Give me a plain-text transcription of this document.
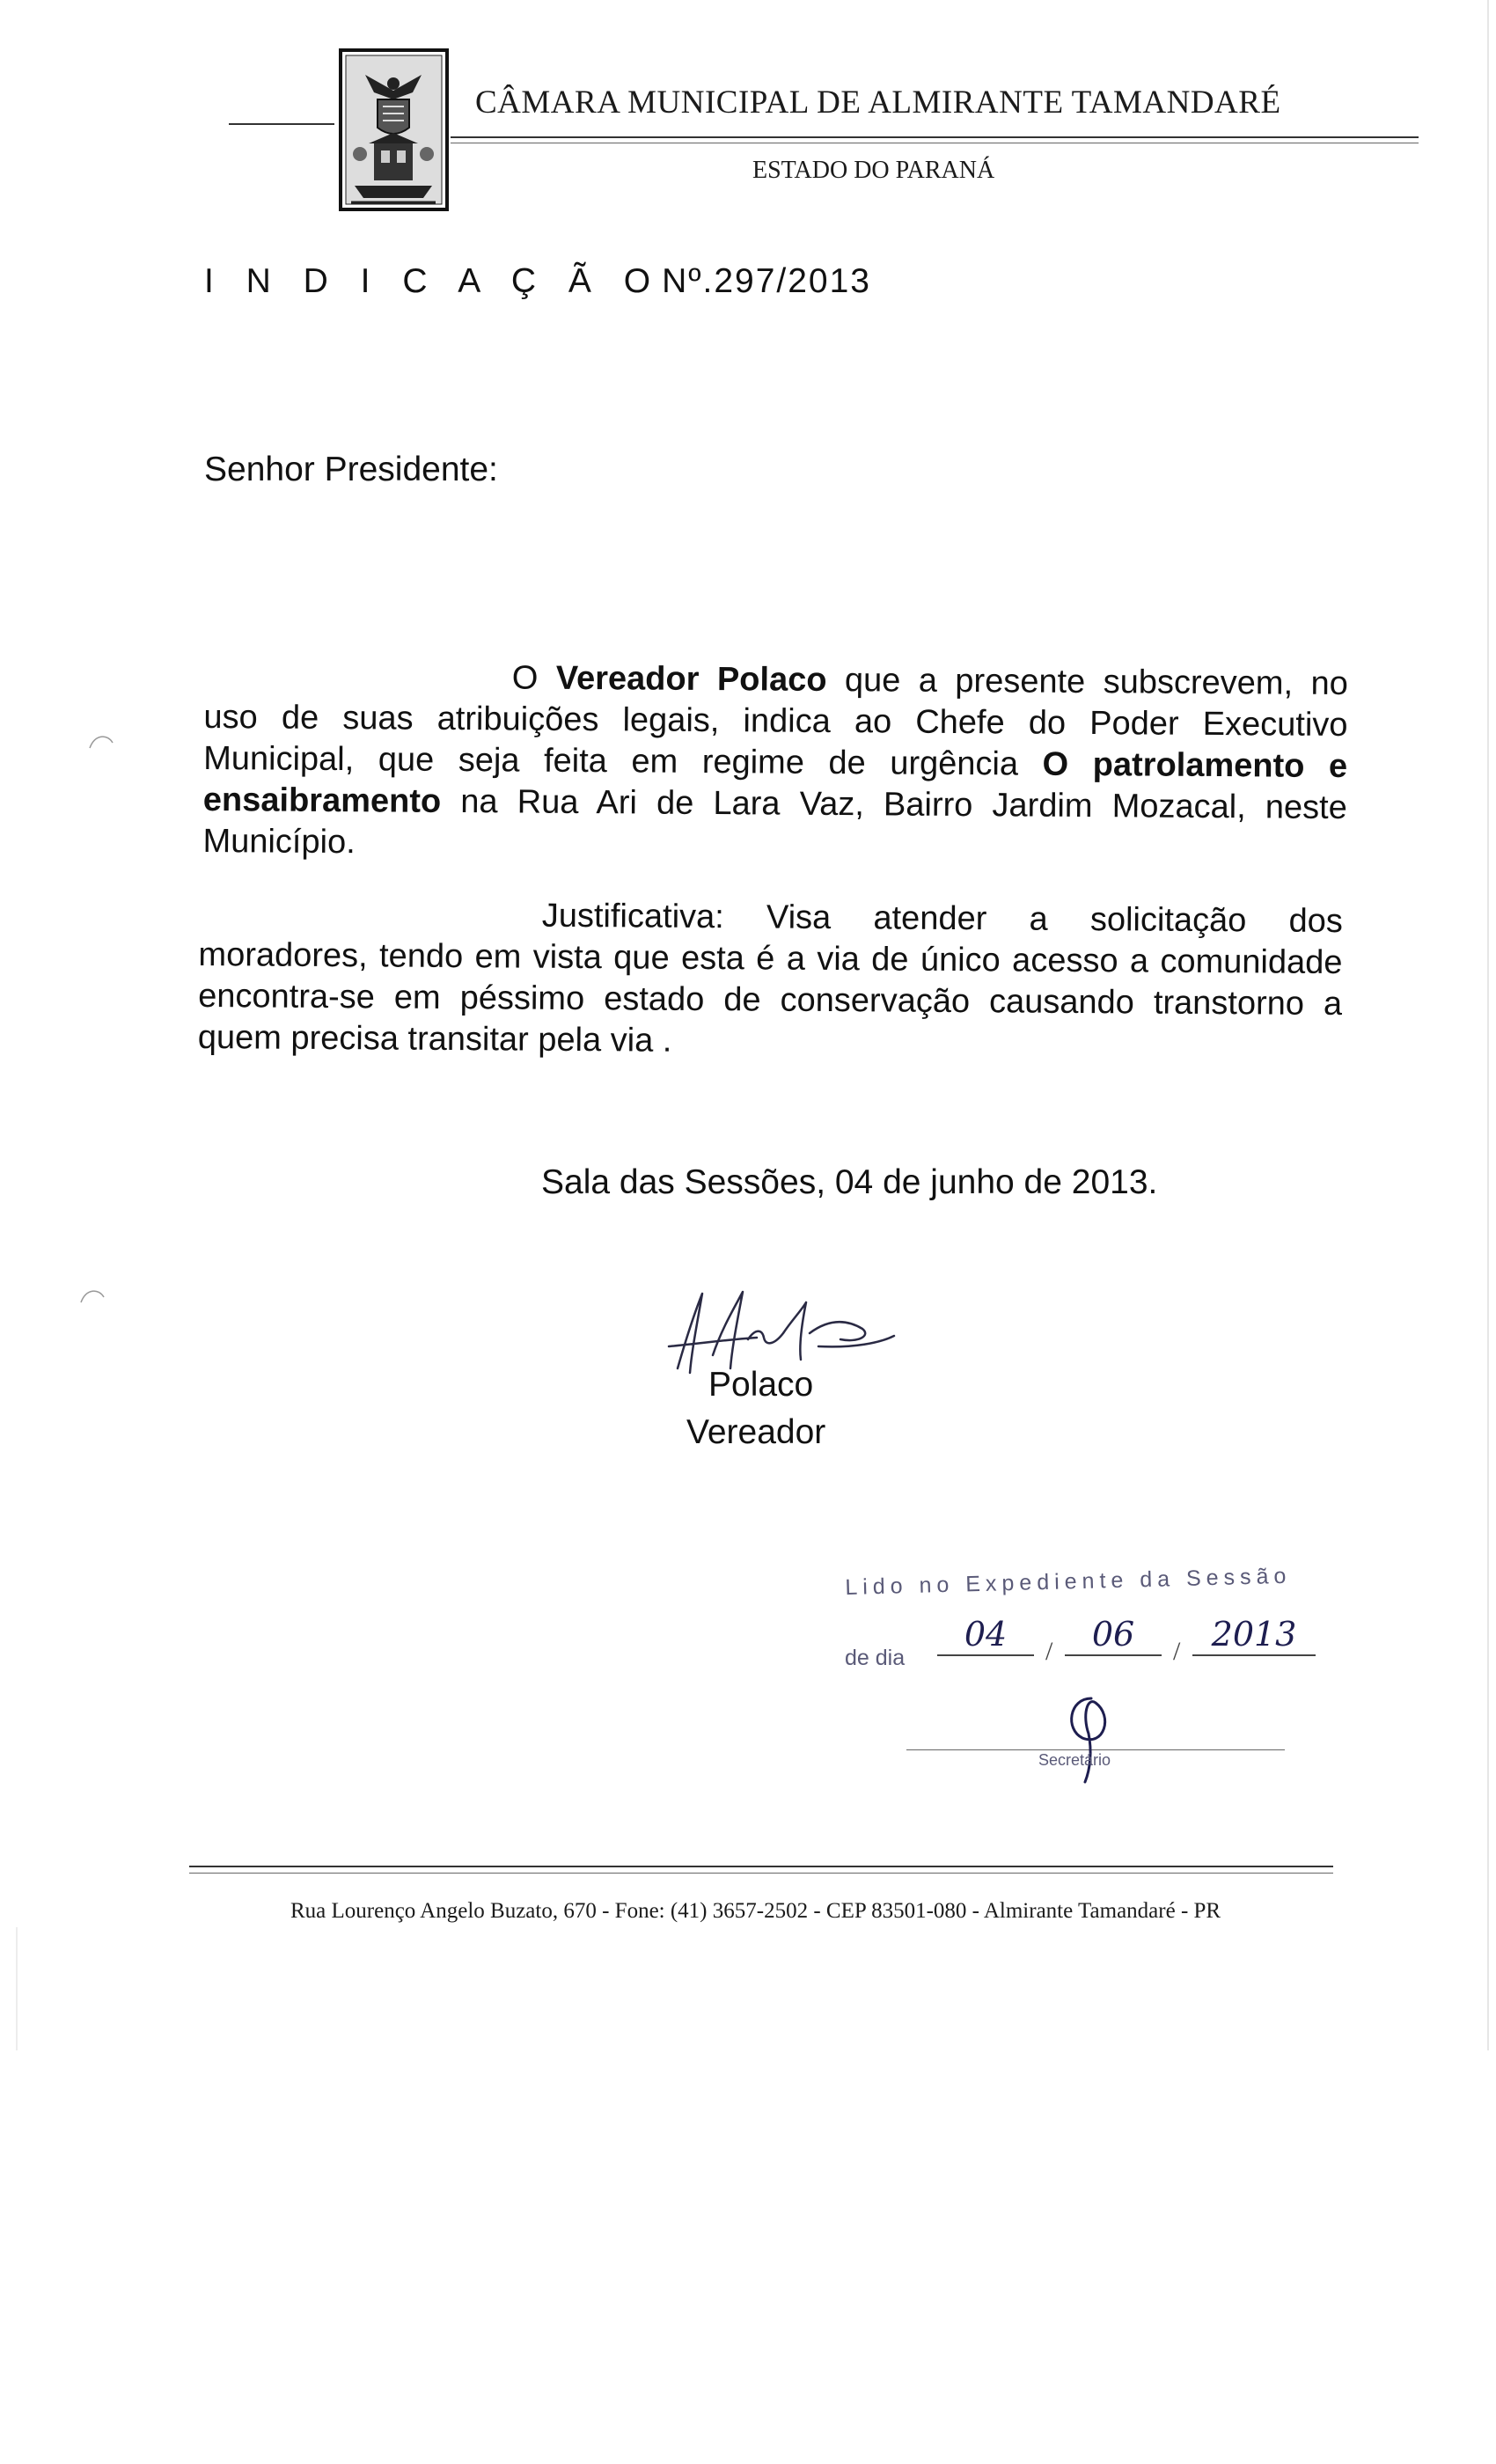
CÂMARA MUNICIPAL DE ALMIRANTE TAMANDARÉ
ESTADO DO PARANÁ
I N D I C A Ç Ã ONº.297/2013
Senhor Presidente:
O Vereador Polaco que a presente subscrevem, no uso de suas atribuições legais, indica ao Chefe do Poder Executivo Municipal, que seja feita em regime de urgência O patrolamento e ensaibramento na Rua Ari de Lara Vaz, Bairro Jardim Mozacal, neste Município.
Justificativa: Visa atender a solicitação dos moradores, tendo em vista que esta é a via de único acesso a comunidade encontra-se em péssimo estado de conservação causando transtorno a quem precisa transitar pela via .
Sala das Sessões, 04 de junho de 2013.
Polaco
Vereador
Lido no Expediente da Sessão
de dia
04	/	06	/ 2013
Secretário
Rua Lourenço Angelo Buzato, 670 - Fone: (41) 3657-2502 - CEP 83501-080 - Almirante Tamandaré - PR
